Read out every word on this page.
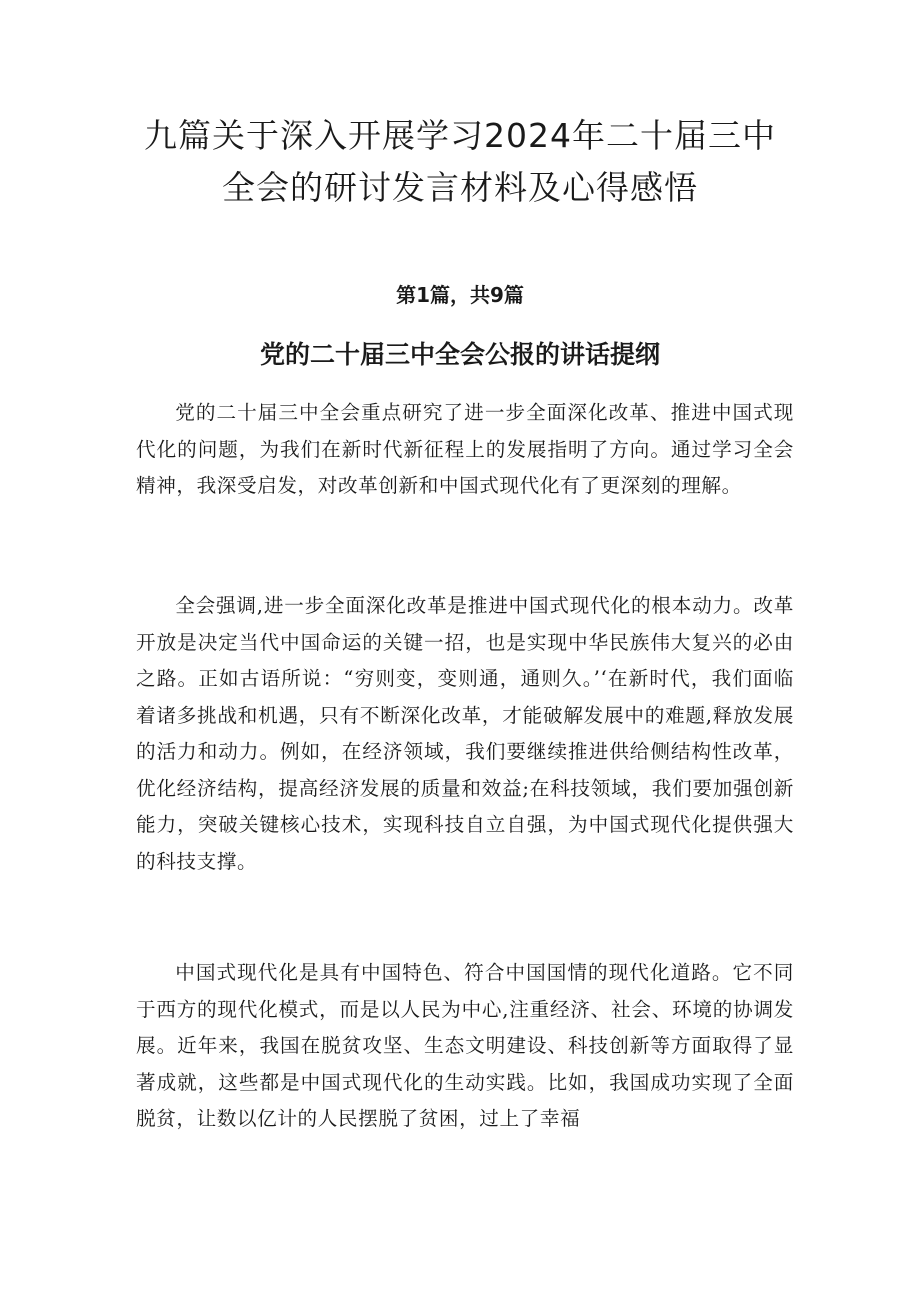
九篇关于深入开展学习2024年二十届三中
全会的研讨发言材料及心得感悟
第1篇，共9篇
党的二十届三中全会公报的讲话提纲

党的二十届三中全会重点研究了进一步全面深化改革、推进中国式现代化的问题，为我们在新时代新征程上的发展指明了方向。通过学习全会精神，我深受启发，对改革创新和中国式现代化有了更深刻的理解。

全会强调,进一步全面深化改革是推进中国式现代化的根本动力。改革开放是决定当代中国命运的关键一招，也是实现中华民族伟大复兴的必由之路。正如古语所说：“穷则变，变则通，通则久。’‘在新时代，我们面临着诸多挑战和机遇，只有不断深化改革，才能破解发展中的难题,释放发展的活力和动力。例如，在经济领域，我们要继续推进供给侧结构性改革，优化经济结构，提高经济发展的质量和效益;在科技领域，我们要加强创新能力，突破关键核心技术，实现科技自立自强，为中国式现代化提供强大的科技支撑。

中国式现代化是具有中国特色、符合中国国情的现代化道路。它不同于西方的现代化模式，而是以人民为中心,注重经济、社会、环境的协调发展。近年来，我国在脱贫攻坚、生态文明建设、科技创新等方面取得了显著成就，这些都是中国式现代化的生动实践。比如，我国成功实现了全面脱贫，让数以亿计的人民摆脱了贫困，过上了幸福
